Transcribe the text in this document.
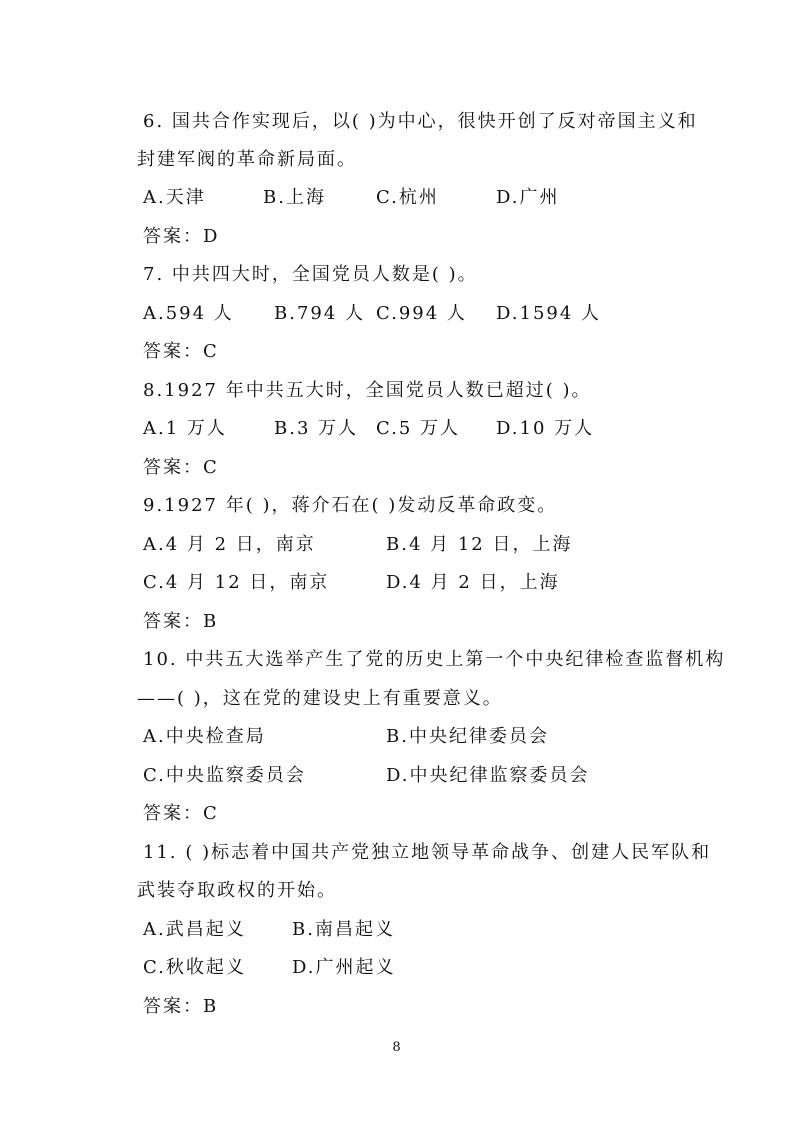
6. 国共合作实现后，以( )为中心，很快开创了反对帝国主义和
封建军阀的革命新局面。
A.天津	B.上海	C.杭州	D.广州
答案：D
7. 中共四大时，全国党员人数是( )。
A.594 人 B.794 人 C.994 人 D.1594 人
答案：C
8.1927 年中共五大时，全国党员人数已超过( )。
A.1 万人	B.3 万人 C.5 万人 D.10 万人
答案：C
9.1927 年( )，蒋介石在( )发动反革命政变。
A.4 月 2 日，南京	B.4 月 12 日，上海
C.4 月 12 日，南京	D.4 月 2 日，上海
答案：B
10. 中共五大选举产生了党的历史上第一个中央纪律检查监督机构
——( )，这在党的建设史上有重要意义。
A.中央检查局	B.中央纪律委员会
C.中央监察委员会	D.中央纪律监察委员会
答案：C
11. ( )标志着中国共产党独立地领导革命战争、创建人民军队和
武装夺取政权的开始。
A.武昌起义	B.南昌起义
C.秋收起义	D.广州起义
答案：B
8
